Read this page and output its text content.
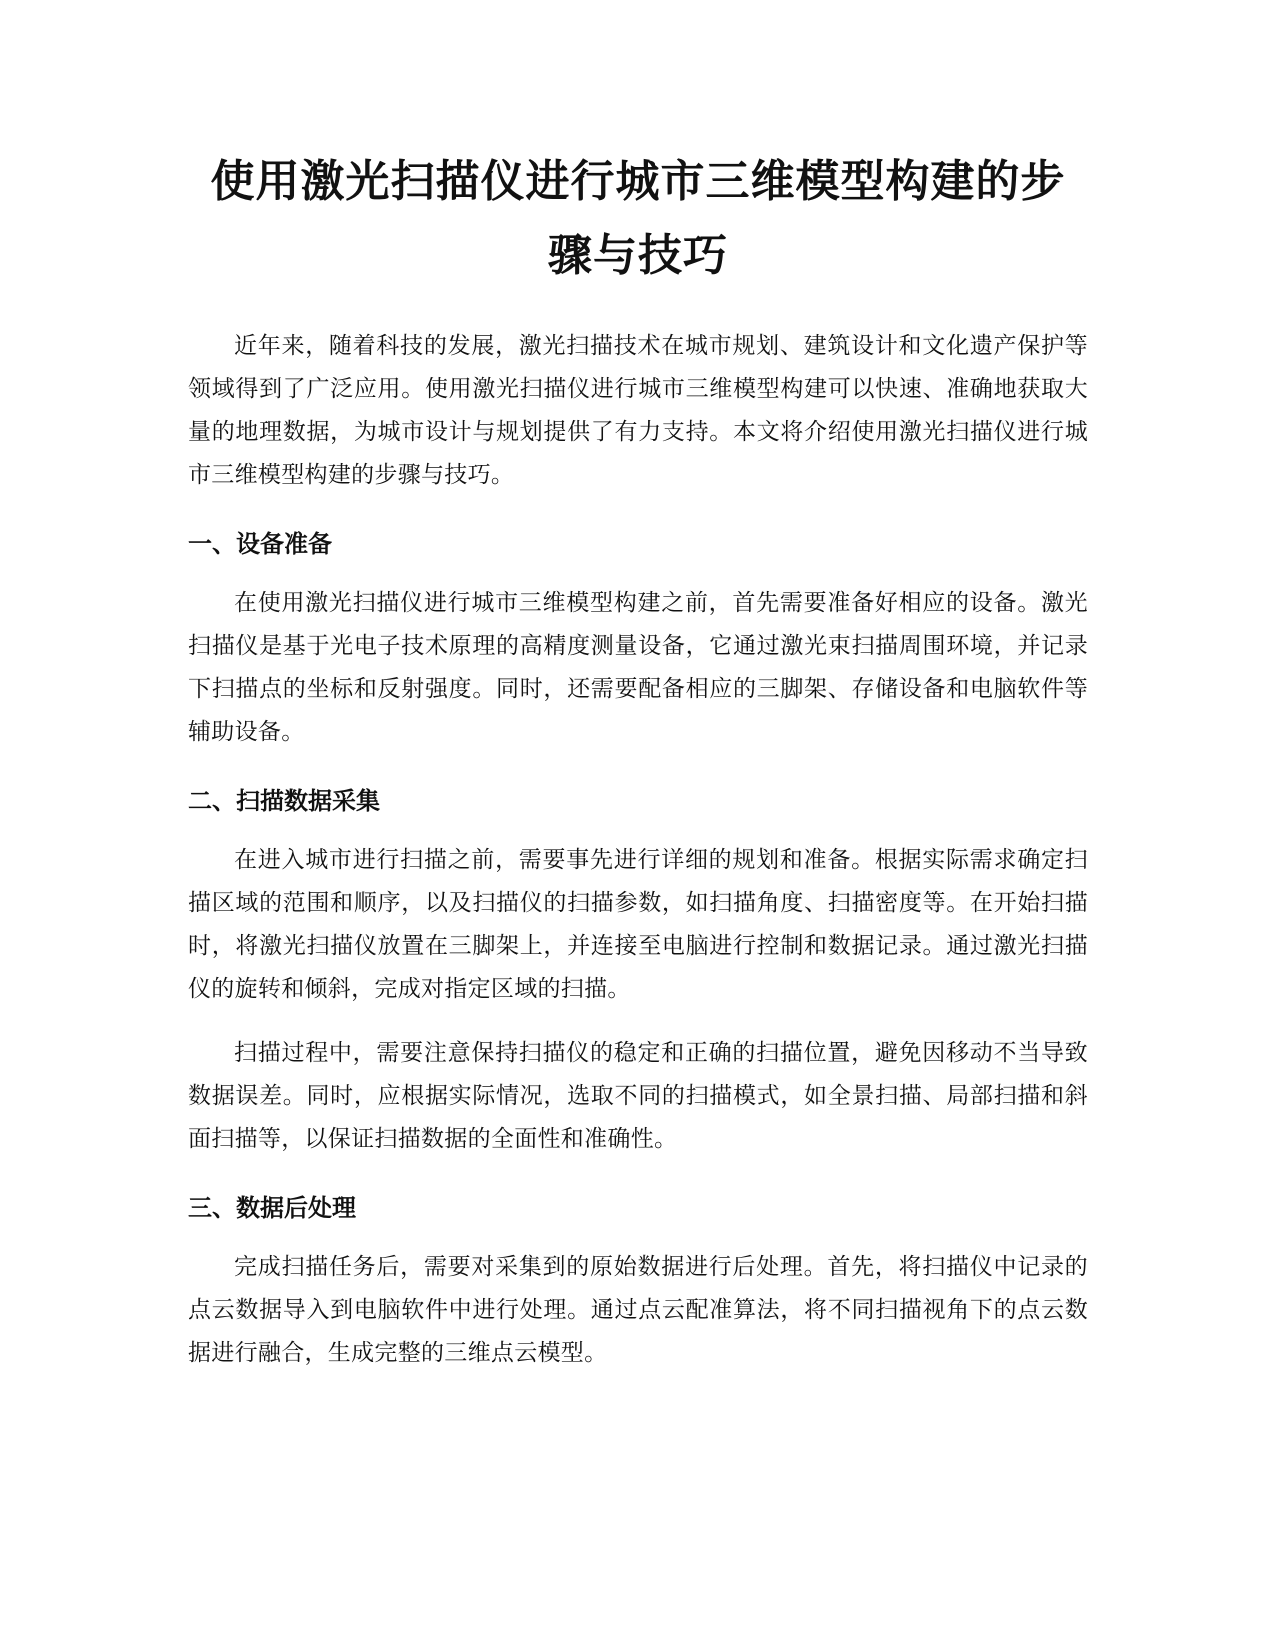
使用激光扫描仪进行城市三维模型构建的步
骤与技巧

近年来，随着科技的发展，激光扫描技术在城市规划、建筑设计和文化遗产保护等领域得到了广泛应用。使用激光扫描仪进行城市三维模型构建可以快速、准确地获取大量的地理数据，为城市设计与规划提供了有力支持。本文将介绍使用激光扫描仪进行城市三维模型构建的步骤与技巧。

一、设备准备

在使用激光扫描仪进行城市三维模型构建之前，首先需要准备好相应的设备。激光扫描仪是基于光电子技术原理的高精度测量设备，它通过激光束扫描周围环境，并记录下扫描点的坐标和反射强度。同时，还需要配备相应的三脚架、存储设备和电脑软件等辅助设备。

二、扫描数据采集

在进入城市进行扫描之前，需要事先进行详细的规划和准备。根据实际需求确定扫描区域的范围和顺序，以及扫描仪的扫描参数，如扫描角度、扫描密度等。在开始扫描时，将激光扫描仪放置在三脚架上，并连接至电脑进行控制和数据记录。通过激光扫描仪的旋转和倾斜，完成对指定区域的扫描。

扫描过程中，需要注意保持扫描仪的稳定和正确的扫描位置，避免因移动不当导致数据误差。同时，应根据实际情况，选取不同的扫描模式，如全景扫描、局部扫描和斜面扫描等，以保证扫描数据的全面性和准确性。

三、数据后处理

完成扫描任务后，需要对采集到的原始数据进行后处理。首先，将扫描仪中记录的点云数据导入到电脑软件中进行处理。通过点云配准算法，将不同扫描视角下的点云数据进行融合，生成完整的三维点云模型。
